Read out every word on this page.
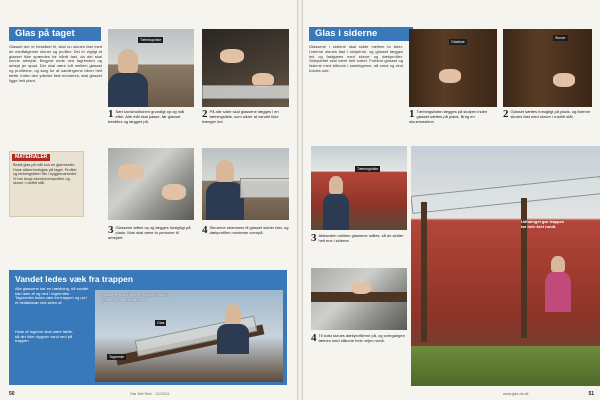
Glas på taget
Glasset der er beskåret til, skal nu skrues fast med de medfølgende skruer og profiler. Det er vigtigt at glasset ikke spændes for hårdt fast, da det skal kunne arbejde. Begynd nede ved tagrenden og arbejd jer opad. Der skal være luft mellem glasset og profilerne, og sørg for at samlingerne bliver helt tætte. Inden den yderste liste monteres, skal glasset ligge helt plant.
Tætningsliste
1 Sæt konstruktionen grundigt op og mål efter. Alle mål skal passe, før glasset bestilles og lægges på.
2 På alle sider skal glassene lægges i en tætningsliste, som sikrer at vandet ikke trænger ind.
MATERIALER
Bestil glas på mål hos en glarmester. Husk sikkerhedsglas på taget. Profiler og tætningslister fås i byggemarkedet. Vi har brugt aluminiumsprofiler og skruer i rustfrit stål.
3 Glassene løftes op og lægges forsigtigt på plads. Man skal være to personer til arbejdet.
4 Skruerne strammes til glasset sidder fast, og dækprofilen monteres ovenpå.
Vandet ledes væk fra trappen
Alle glassene har en hældning, så vandet kan løbe af og ned i tagrenden. Tagrenden ledes væk fra trappen og ud i et nedløbsrør ved siden af.
Husk at fugerne skal være tætte, så der ikke drypper vand ned på trappen.
Glassene skal have et fald på mindst 2 grader, så vandet løber af.
Tagrende
Glas
50	Gør Det Selv · 12/2013
Glas i siderne
Glassene i siderne skal sidde mellem to lister. Listerne skrues fast i stolperne, og glasset lægges ind og fastgøres med skruer og dækprofiler. Sidepartiet skal være helt lodret. Forbind glasset og listerne med silikone i samlingerne, så vand og vind holdes ude.
Glasliste
1 Tætningslisten lægges på stolpen inden glasset sættes på plads. Brug en skruemaskine.
Skruer
2 Glasset sættes forsigtigt på plads, og listerne skrues fast med skruer i rustfrit stål.
Tætningsliste
3 Afstanden mellem glassene måles, så de sidder helt ens i siderne.
4 Til sidst skrues dækprofilerne på, og overgangen tætnes med silikone hele vejen rundt.
Udhænget gør trappen tør hele året rundt.
www.gds-ds.dk	51
